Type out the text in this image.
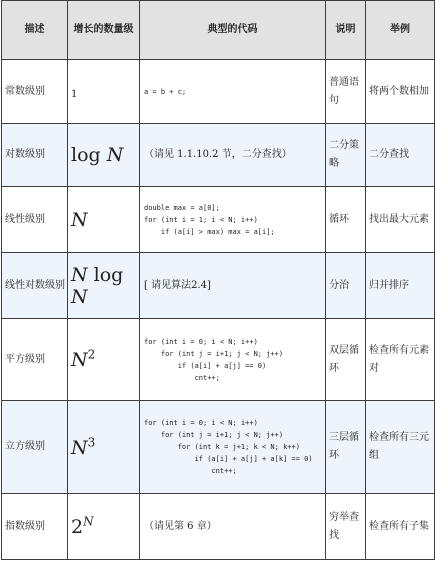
描述	增长的数量级	典型的代码	说明	举例
常数级别	1	a = b + c;	普通语句	将两个数相加
对数级别	log N	（请见 1.1.10.2 节，二分查找）	二分策略	二分查找
线性级别	N	double max = a[0];
for (int i = 1; i < N; i++)
if (a[i] > max) max = a[i];	循环	找出最大元素
线性对数级别	N log N	[ 请见算法2.4]	分治	归并排序
平方级别	$N^2$	for (int i = 0; i < N; i++)
for (int j = i+1; j < N; j++)
if (a[i] + a[j] == 0)
cnt++;	双层循环	检查所有元素对
立方级别	$N^3$	for (int i = 0; i < N; i++)
for (int j = i+1; j < N; j++)
for (int k = j+1; k < N; k++)
if (a[i] + a[j] + a[k] == 0)
cnt++;	三层循环	检查所有三元组
指数级别	$2^N$	（请见第 6 章）	穷举查找	检查所有子集
